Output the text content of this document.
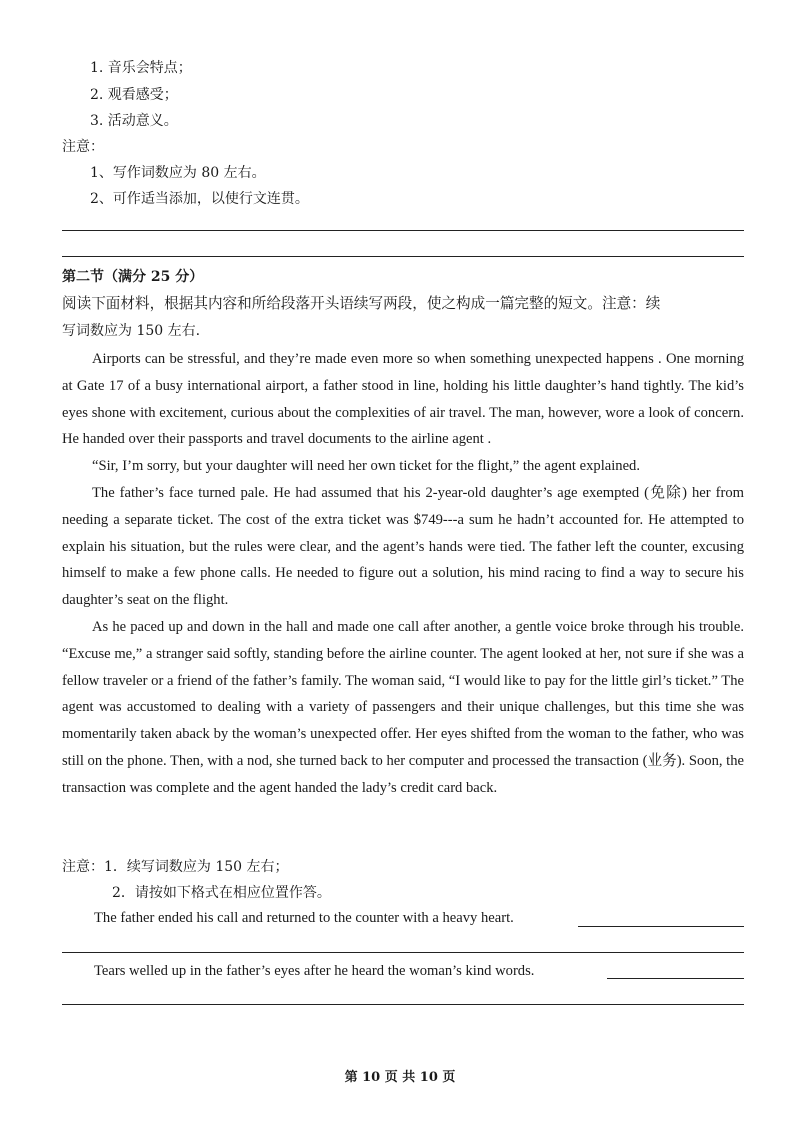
1. 音乐会特点；
2. 观看感受；
3. 活动意义。
注意：
1、写作词数应为 80 左右。
2、可作适当添加，以使行文连贯。
第二节（满分 25 分）
阅读下面材料，根据其内容和所给段落开头语续写两段，使之构成一篇完整的短文。注意：续
写词数应为 150 左右.

Airports can be stressful, and they’re made even more so when something unexpected happens . One morning at Gate 17 of a busy international airport, a father stood in line, holding his little daughter’s hand tightly. The kid’s eyes shone with excitement, curious about the complexities of air travel. The man, however, wore a look of concern. He handed over their passports and travel documents to the airline agent .

“Sir, I’m sorry, but your daughter will need her own ticket for the flight,” the agent explained.

The father’s face turned pale. He had assumed that his 2-year-old daughter’s age exempted (免除) her from needing a separate ticket. The cost of the extra ticket was $749---a sum he hadn’t accounted for. He attempted to explain his situation, but the rules were clear, and the agent’s hands were tied. The father left the counter, excusing himself to make a few phone calls. He needed to figure out a solution, his mind racing to find a way to secure his daughter’s seat on the flight.

As he paced up and down in the hall and made one call after another, a gentle voice broke through his trouble. “Excuse me,” a stranger said softly, standing before the airline counter. The agent looked at her, not sure if she was a fellow traveler or a friend of the father’s family. The woman said, “I would like to pay for the little girl’s ticket.” The agent was accustomed to dealing with a variety of passengers and their unique challenges, but this time she was momentarily taken aback by the woman’s unexpected offer. Her eyes shifted from the woman to the father, who was still on the phone. Then, with a nod, she turned back to her computer and processed the transaction (业务). Soon, the transaction was complete and the agent handed the lady’s credit card back.

注意：1．续写词数应为 150 左右；
2．请按如下格式在相应位置作答。
The father ended his call and returned to the counter with a heavy heart.
Tears welled up in the father’s eyes after he heard the woman’s kind words.
第 10 页 共 10 页
